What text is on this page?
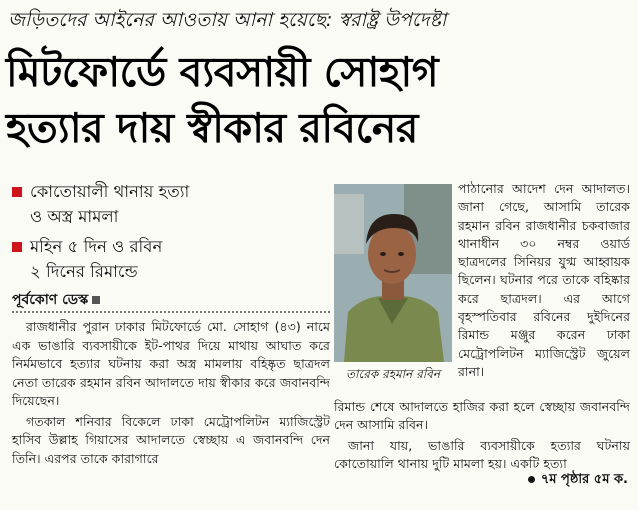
জড়িতদের আইনের আওতায় আনা হয়েছে: স্বরাষ্ট্র উপদেষ্টা
মিটফোর্ডে ব্যবসায়ী সোহাগ
হত্যার দায় স্বীকার রবিনের
কোতোয়ালী থানায় হত্যা
ও অস্ত্র মামলা
মহিন ৫ দিন ও রবিন
২ দিনের রিমান্ডে
পূর্বকোণ ডেস্ক

রাজধানীর পুরান ঢাকার মিটফোর্ডে মো. সোহাগ (৪৩) নামে এক ভাঙারি ব্যবসায়ীকে ইট-পাথর দিয়ে মাথায় আঘাত করে নির্মমভাবে হত্যার ঘটনায় করা অস্ত্র মামলায় বহিষ্কৃত ছাত্রদল নেতা তারেক রহমান রবিন আদালতে দায় স্বীকার করে জবানবন্দি দিয়েছেন।

গতকাল শনিবার বিকেলে ঢাকা মেট্রোপলিটন ম্যাজিস্ট্রেট হাসিব উল্লাহ গিয়াসের আদালতে স্বেচ্ছায় এ জবানবন্দি দেন তিনি। এরপর তাকে কারাগারে

তারেক রহমান রবিন

পাঠানোর আদেশ দেন আদালত। জানা গেছে, আসামি তারেক রহমান রবিন রাজধানীর চকবাজার থানাধীন ৩০ নম্বর ওয়ার্ড ছাত্রদলের সিনিয়র যুগ্ম আহ্বায়ক ছিলেন। ঘটনার পরে তাকে বহিষ্কার করে ছাত্রদল। এর আগে বৃহস্পতিবার রবিনের দুইদিনের রিমান্ড মঞ্জুর করেন ঢাকা মেট্রোপলিটন ম্যাজিস্ট্রেট জুয়েল রানা।

রিমান্ড শেষে আদালতে হাজির করা হলে স্বেচ্ছায় জবানবন্দি দেন আসামি রবিন।

জানা যায়, ভাঙারি ব্যবসায়ীকে হত্যার ঘটনায় কোতোয়ালি থানায় দুটি মামলা হয়। একটি হত্যা

৭ম পৃষ্ঠার ৫ম ক.
